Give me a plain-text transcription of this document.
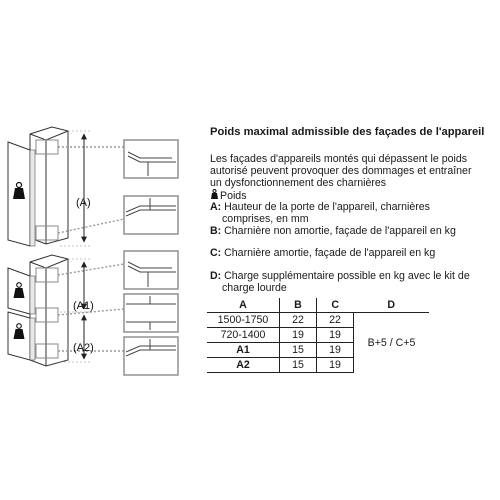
(A)
(A1)
(A2)
Poids maximal admissible des façades de l'appareil
Les façades d'appareils montés qui dépassent le poids
autorisé peuvent provoquer des dommages et entraîner
un dysfonctionnement des charnières
Poids
A: Hauteur de la porte de l'appareil, charnières
comprises, en mm
B: Charnière non amortie, façade de l'appareil en kg
C: Charnière amortie, façade de l'appareil en kg
D: Charge supplémentaire possible en kg avec le kit de
charge lourde
A	B	C	D
1500-1750	22	22	B+5 / C+5
720-1400	19	19	
A1	15	19	
A2	15	19	
